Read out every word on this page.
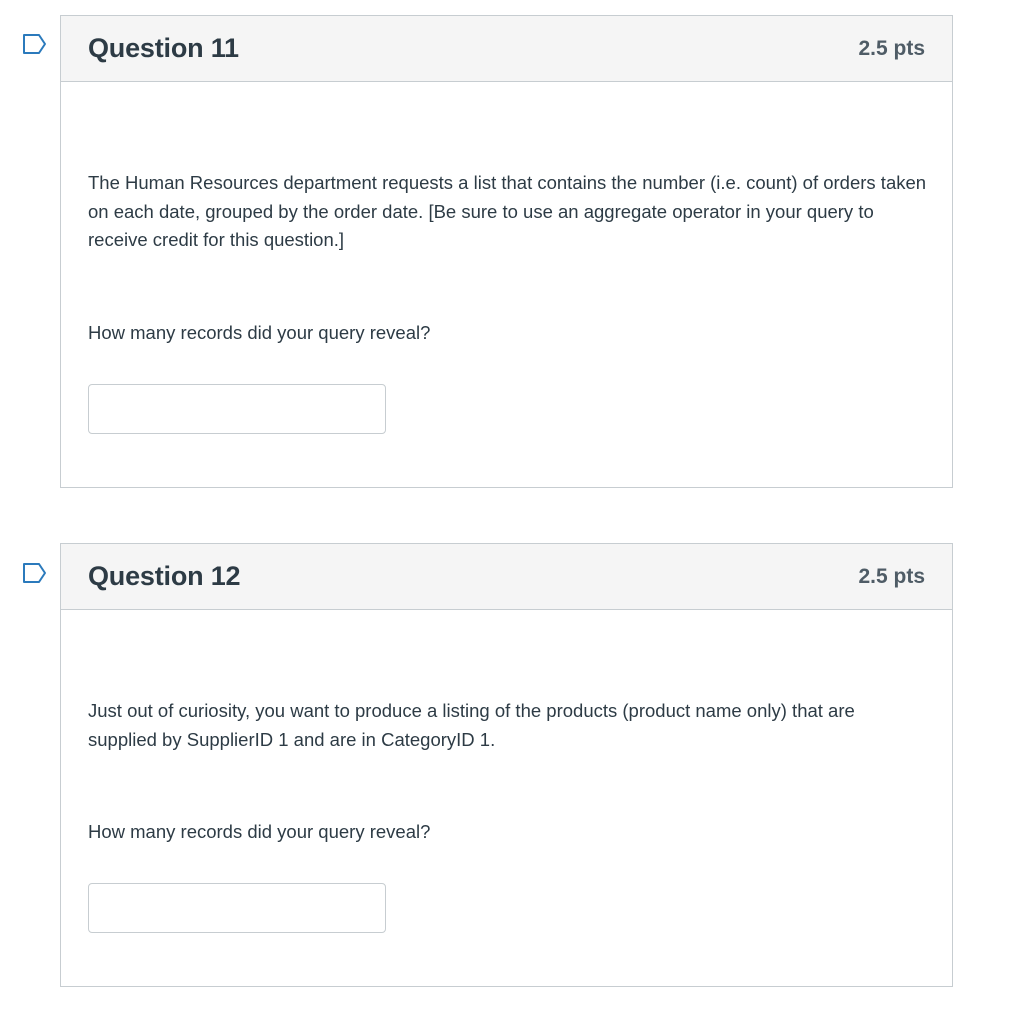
Question 11	2.5 pts

The Human Resources department requests a list that contains the number (i.e. count) of orders taken on each date, grouped by the order date. [Be sure to use an aggregate operator in your query to receive credit for this question.]

How many records did your query reveal?

Question 12	2.5 pts

Just out of curiosity, you want to produce a listing of the products (product name only) that are supplied by SupplierID 1 and are in CategoryID 1.

How many records did your query reveal?
